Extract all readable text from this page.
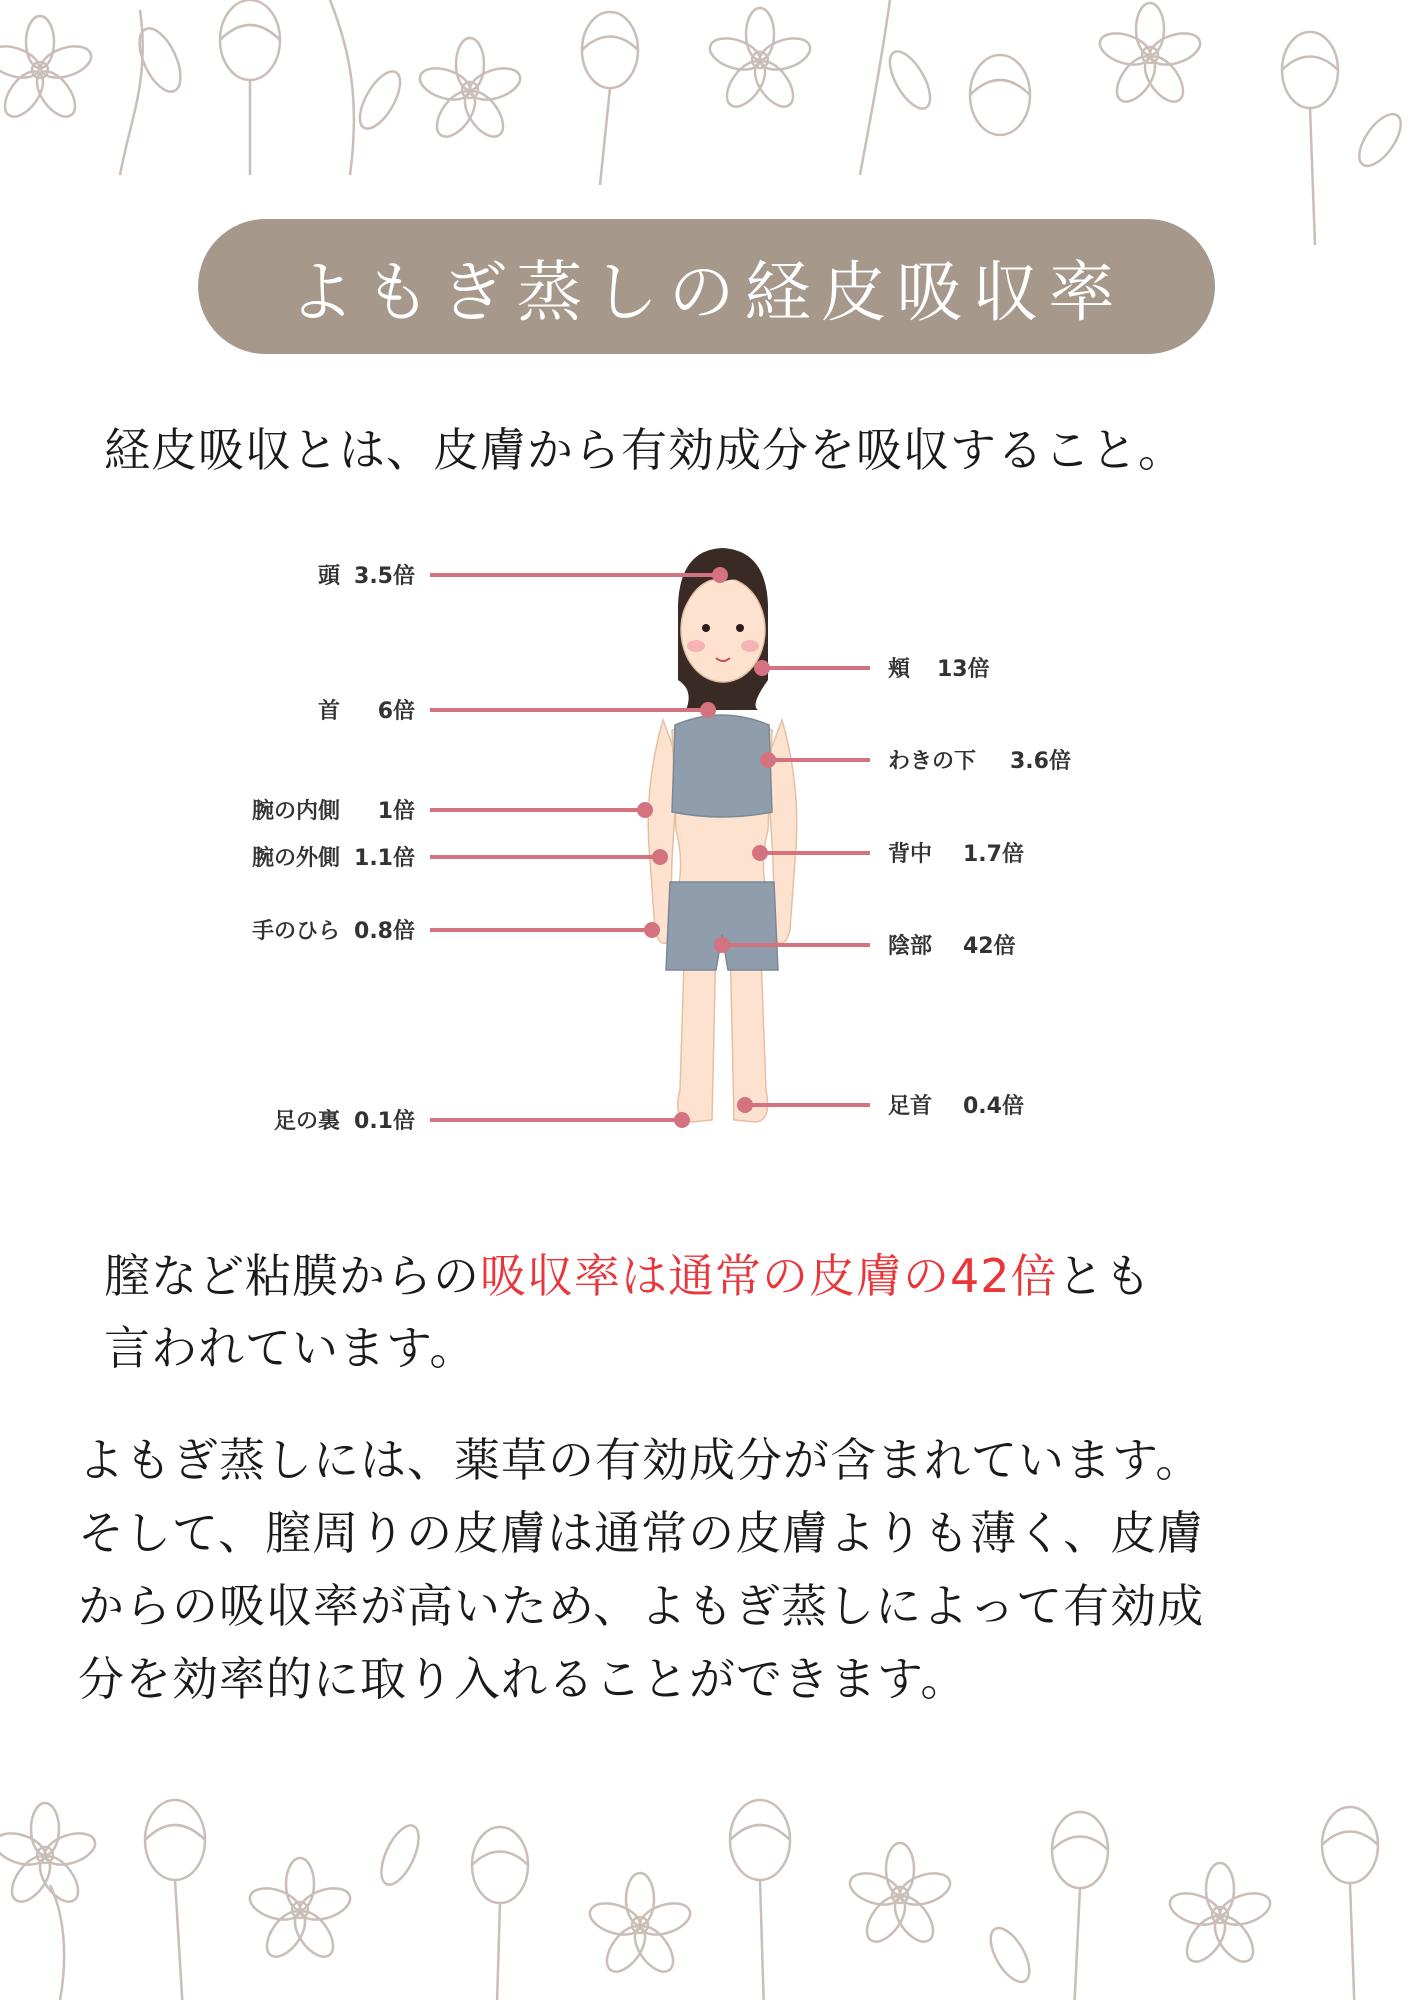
よもぎ蒸しの経皮吸収率
経皮吸収とは、皮膚から有効成分を吸収すること。
頭 3.5倍
首 6倍
腕の内側 1倍
腕の外側 1.1倍
手のひら 0.8倍
足の裏 0.1倍
頬 13倍
わきの下 3.6倍
背中 1.7倍
陰部 42倍
足首 0.4倍
膣など粘膜からの吸収率は通常の皮膚の42倍とも
言われています。
よもぎ蒸しには、薬草の有効成分が含まれています。
そして、膣周りの皮膚は通常の皮膚よりも薄く、皮膚
からの吸収率が高いため、よもぎ蒸しによって有効成
分を効率的に取り入れることができます。
